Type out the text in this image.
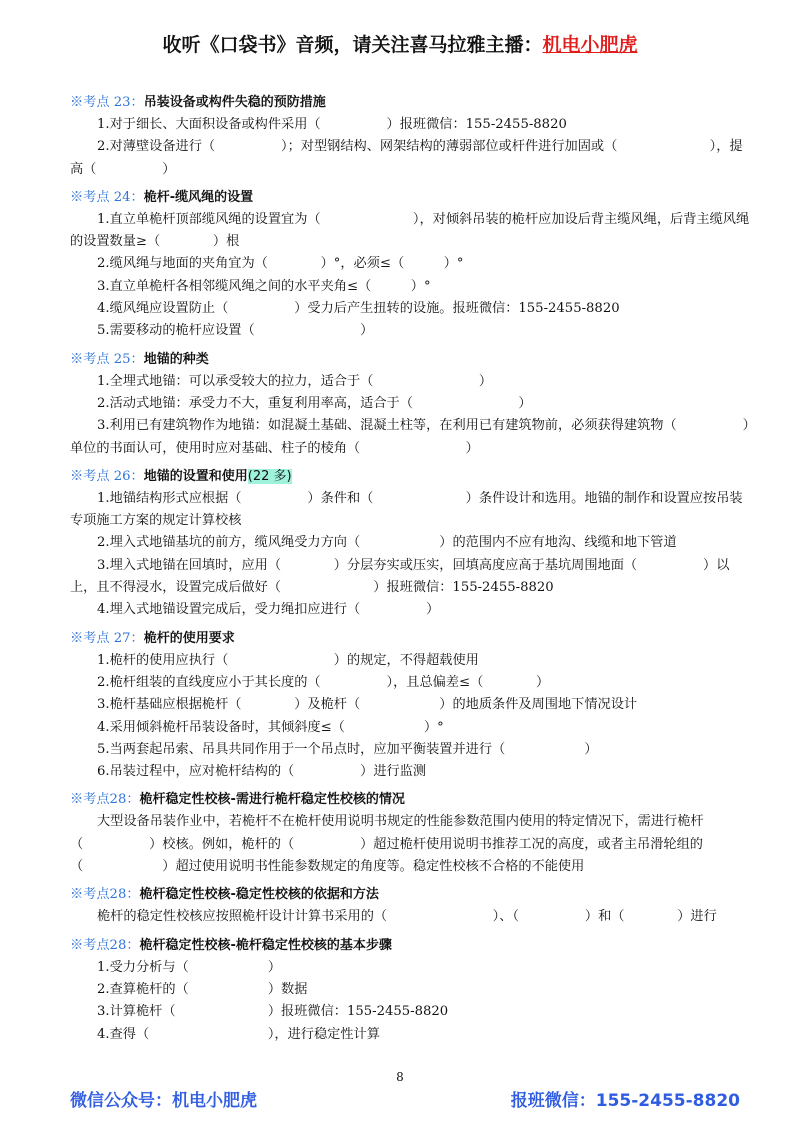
收听《口袋书》音频，请关注喜马拉雅主播：机电小肥虎
※考点 23：吊装设备或构件失稳的预防措施
1.对于细长、大面积设备或构件采用（　　　　　）报班微信：155-2455-8820
2.对薄壁设备进行（　　　　　）；对型钢结构、网架结构的薄弱部位或杆件进行加固或（　　　　　　　），提高（　　　　　）
※考点 24：桅杆-缆风绳的设置
1.直立单桅杆顶部缆风绳的设置宜为（　　　　　　　），对倾斜吊装的桅杆应加设后背主缆风绳，后背主缆风绳的设置数量≥（　　　　）根
2.缆风绳与地面的夹角宜为（　　　　）°，必须≤（　　　）°
3.直立单桅杆各相邻缆风绳之间的水平夹角≤（　　　）°
4.缆风绳应设置防止（　　　　　）受力后产生扭转的设施。报班微信：155-2455-8820
5.需要移动的桅杆应设置（　　　　　　　　）
※考点 25：地锚的种类
1.全埋式地锚：可以承受较大的拉力，适合于（　　　　　　　　）
2.活动式地锚：承受力不大，重复利用率高，适合于（　　　　　　　　）
3.利用已有建筑物作为地锚：如混凝土基础、混凝土柱等，在利用已有建筑物前，必须获得建筑物（　　　　　）单位的书面认可，使用时应对基础、柱子的棱角（　　　　　　　　）
※考点 26：地锚的设置和使用(22 多)
1.地锚结构形式应根据（　　　　　）条件和（　　　　　　　）条件设计和选用。地锚的制作和设置应按吊装专项施工方案的规定计算校核
2.埋入式地锚基坑的前方，缆风绳受力方向（　　　　　　）的范围内不应有地沟、线缆和地下管道
3.埋入式地锚在回填时，应用（　　　　）分层夯实或压实，回填高度应高于基坑周围地面（　　　　　）以上，且不得浸水，设置完成后做好（　　　　　　　）报班微信：155-2455-8820
4.埋入式地锚设置完成后，受力绳扣应进行（　　　　　）
※考点 27：桅杆的使用要求
1.桅杆的使用应执行（　　　　　　　　）的规定，不得超载使用
2.桅杆组装的直线度应小于其长度的（　　　　　），且总偏差≤（　　　　）
3.桅杆基础应根据桅杆（　　　　）及桅杆（　　　　　　）的地质条件及周围地下情况设计
4.采用倾斜桅杆吊装设备时，其倾斜度≤（　　　　　　）°
5.当两套起吊索、吊具共同作用于一个吊点时，应加平衡装置并进行（　　　　　　）
6.吊装过程中，应对桅杆结构的（　　　　　）进行监测
※考点28：桅杆稳定性校核-需进行桅杆稳定性校核的情况
大型设备吊装作业中，若桅杆不在桅杆使用说明书规定的性能参数范围内使用的特定情况下，需进行桅杆（　　　　　）校核。例如，桅杆的（　　　　　）超过桅杆使用说明书推荐工况的高度，或者主吊滑轮组的（　　　　　　）超过使用说明书性能参数规定的角度等。稳定性校核不合格的不能使用
※考点28：桅杆稳定性校核-稳定性校核的依据和方法
桅杆的稳定性校核应按照桅杆设计计算书采用的（　　　　　　　　）、（　　　　　）和（　　　　）进行
※考点28：桅杆稳定性校核-桅杆稳定性校核的基本步骤
1.受力分析与（　　　　　　）
2.查算桅杆的（　　　　　　）数据
3.计算桅杆（　　　　　　　）报班微信：155-2455-8820
4.查得（　　　　　　　　　），进行稳定性计算
8
微信公众号：机电小肥虎	报班微信：155-2455-8820
